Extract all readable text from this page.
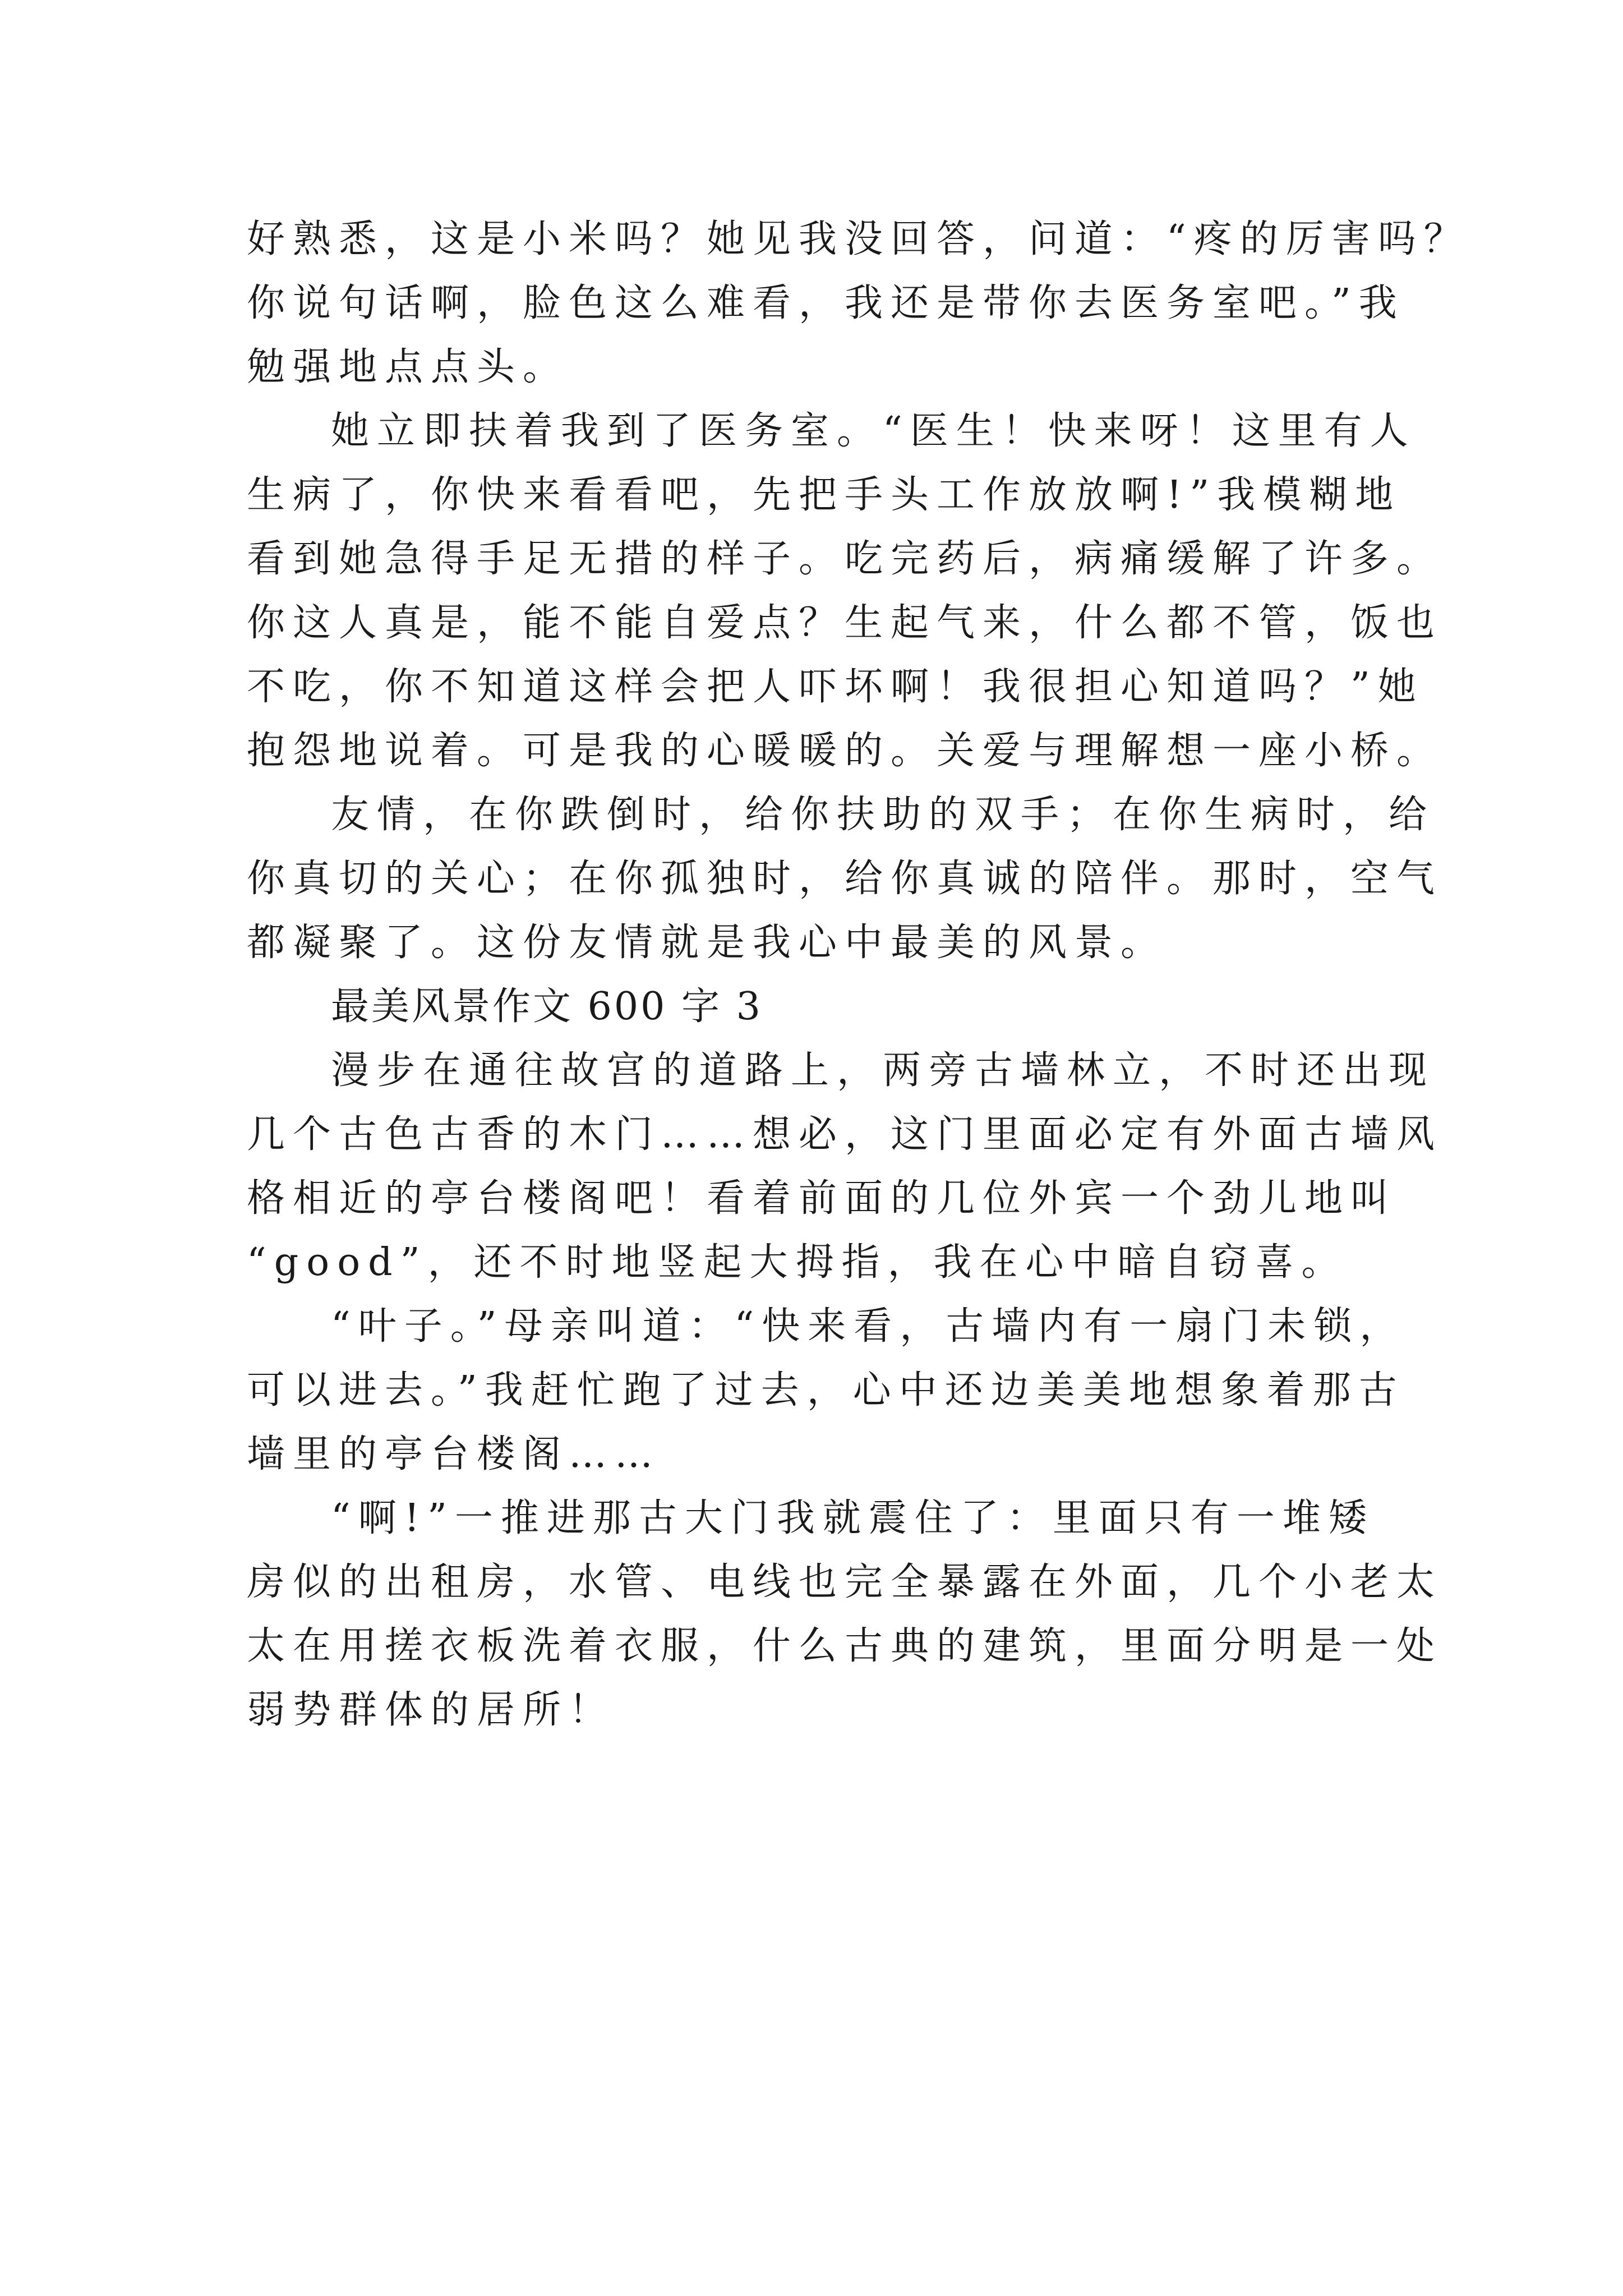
好熟悉，这是小米吗？她见我没回答，问道：“疼的厉害吗？
你说句话啊，脸色这么难看，我还是带你去医务室吧。”我
勉强地点点头。
她立即扶着我到了医务室。“医生！快来呀！这里有人
生病了，你快来看看吧，先把手头工作放放啊!”我模糊地
看到她急得手足无措的样子。吃完药后，病痛缓解了许多。
你这人真是，能不能自爱点？生起气来，什么都不管，饭也
不吃，你不知道这样会把人吓坏啊！我很担心知道吗？”她
抱怨地说着。可是我的心暖暖的。关爱与理解想一座小桥。
友情，在你跌倒时，给你扶助的双手；在你生病时，给
你真切的关心；在你孤独时，给你真诚的陪伴。那时，空气
都凝聚了。这份友情就是我心中最美的风景。
最美风景作文 600 字 3
漫步在通往故宫的道路上，两旁古墙林立，不时还出现
几个古色古香的木门……想必，这门里面必定有外面古墙风
格相近的亭台楼阁吧！看着前面的几位外宾一个劲儿地叫
“good”，还不时地竖起大拇指，我在心中暗自窃喜。
“叶子。”母亲叫道：“快来看，古墙内有一扇门未锁，
可以进去。”我赶忙跑了过去，心中还边美美地想象着那古
墙里的亭台楼阁……
“啊!”一推进那古大门我就震住了：里面只有一堆矮
房似的出租房，水管、电线也完全暴露在外面，几个小老太
太在用搓衣板洗着衣服，什么古典的建筑，里面分明是一处
弱势群体的居所！
